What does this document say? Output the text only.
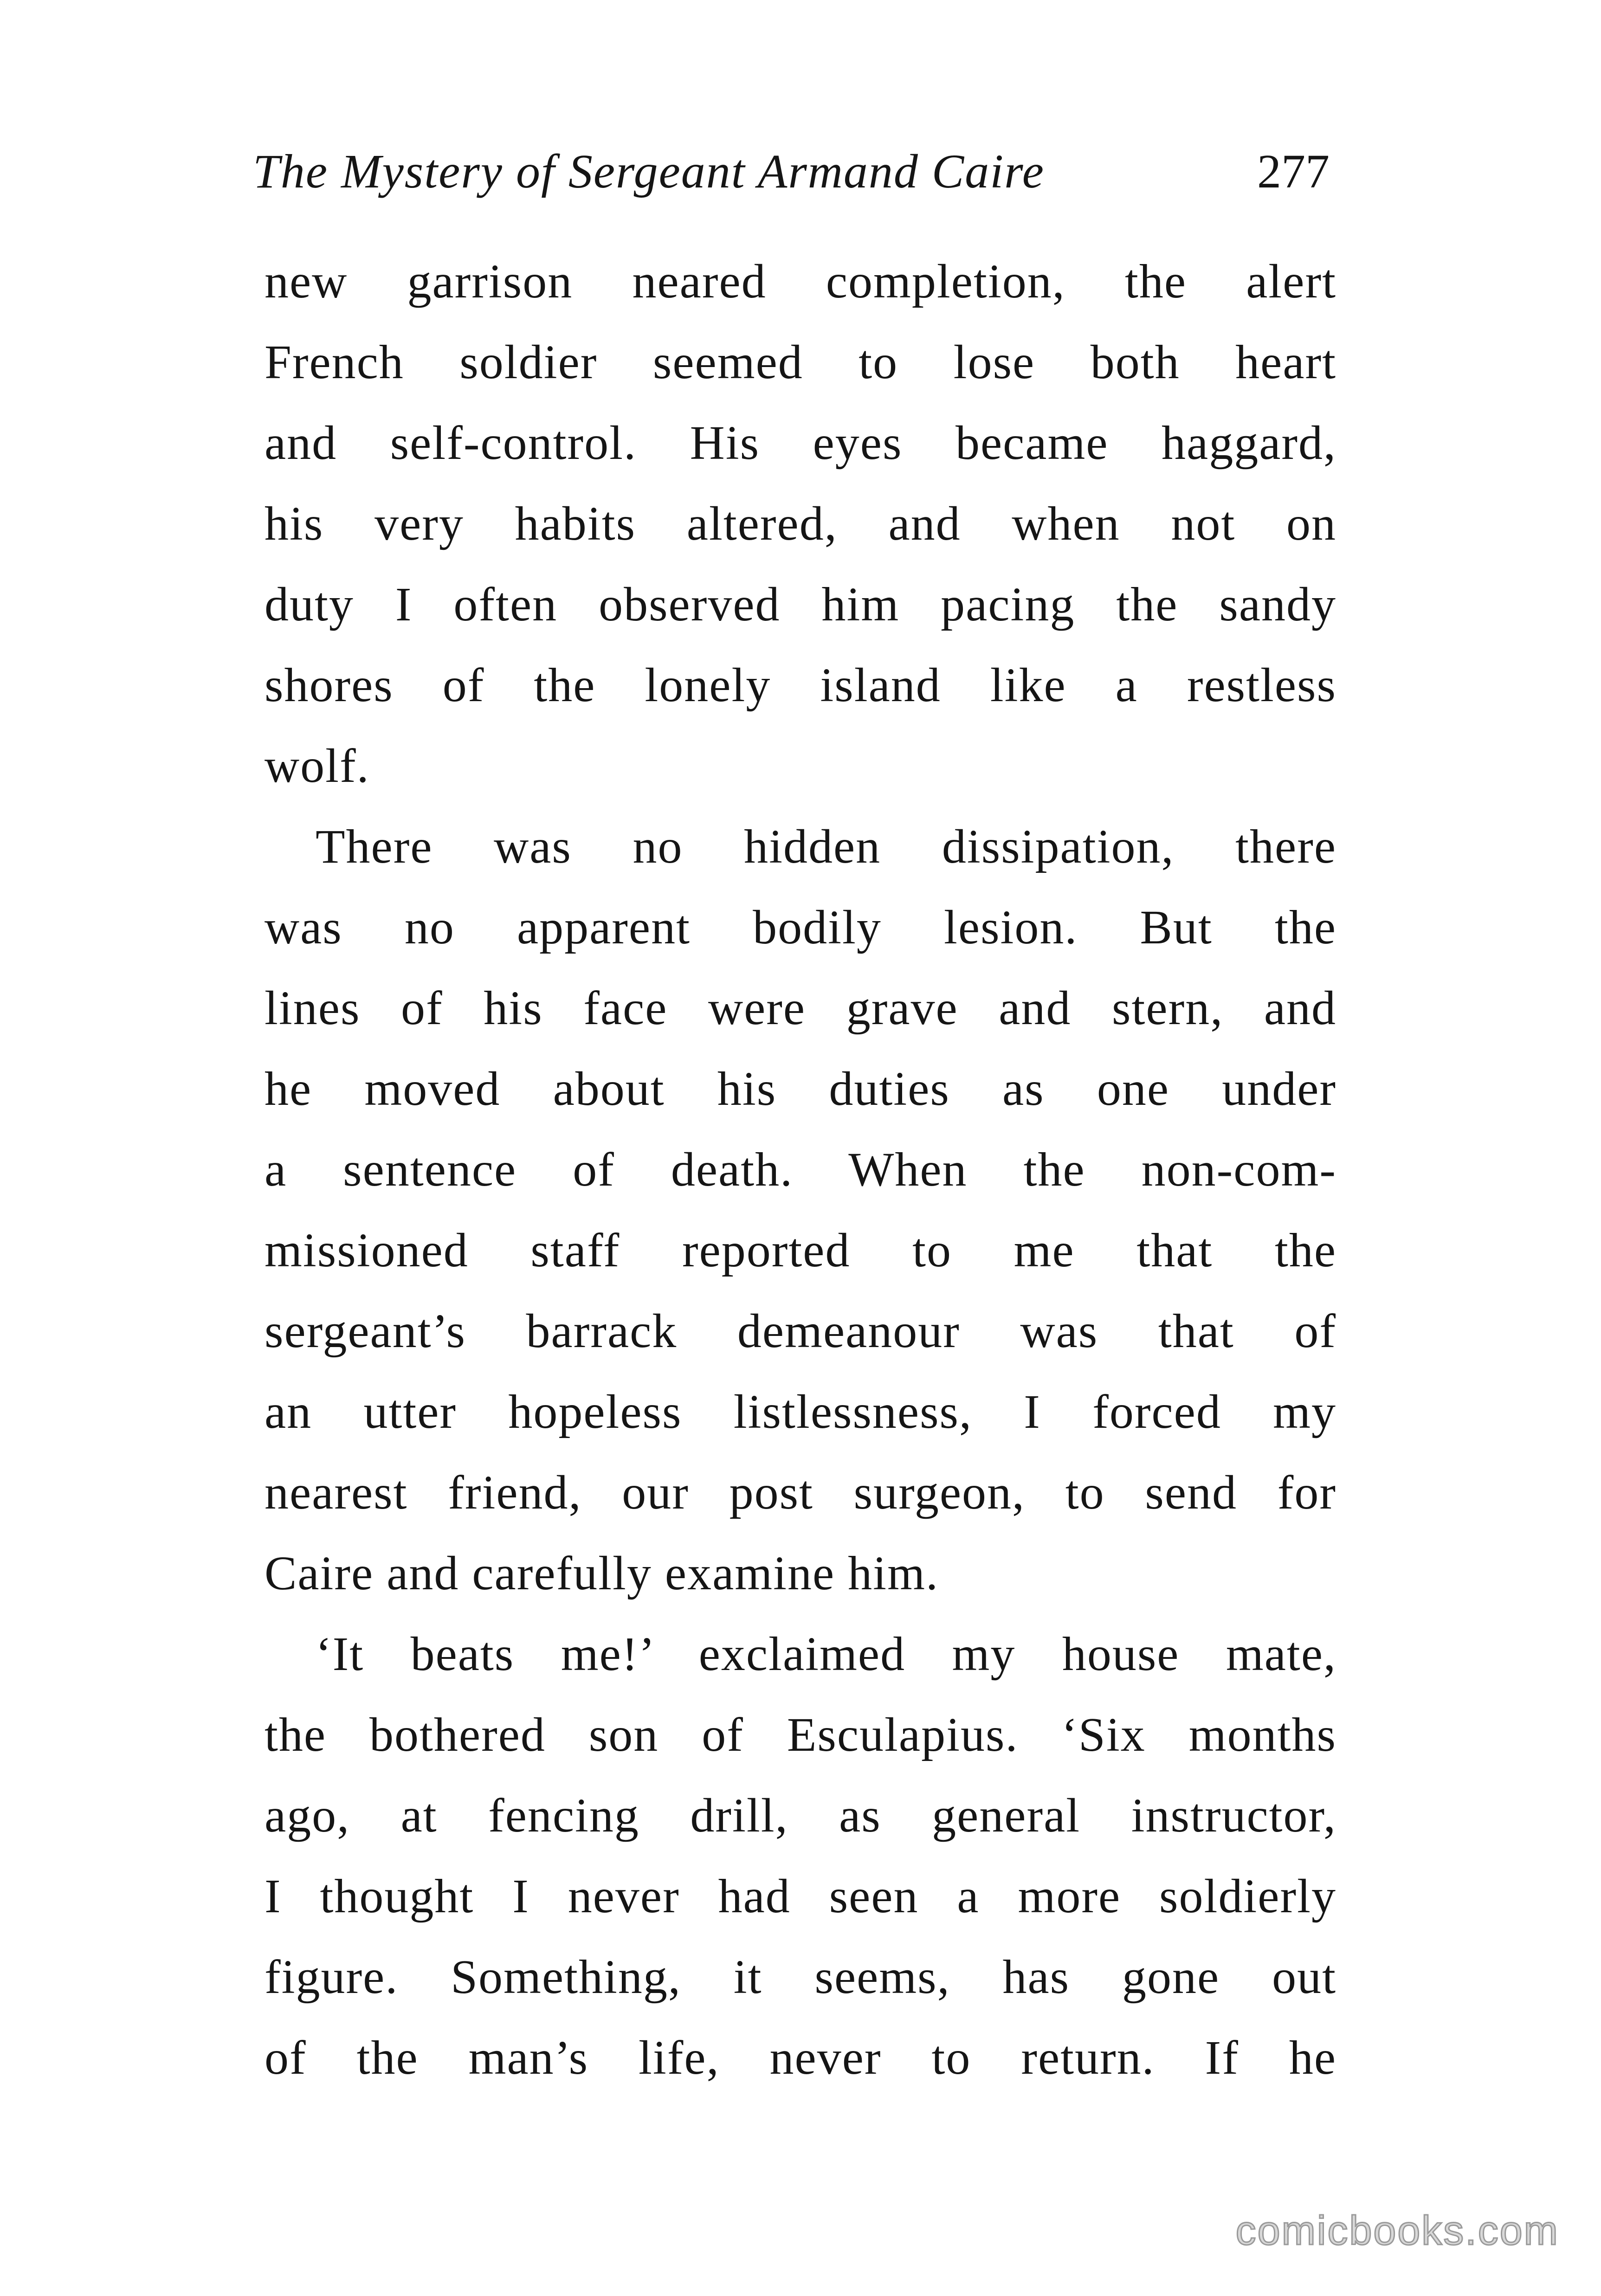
The Mystery of Sergeant Armand Caire	277
new garrison neared completion, the alert
French soldier seemed to lose both heart
and self-control. His eyes became haggard,
his very habits altered, and when not on
duty I often observed him pacing the sandy
shores of the lonely island like a restless
wolf.
There was no hidden dissipation, there
was no apparent bodily lesion. But the
lines of his face were grave and stern, and
he moved about his duties as one under
a sentence of death. When the non-com-
missioned staff reported to me that the
sergeant’s barrack demeanour was that of
an utter hopeless listlessness, I forced my
nearest friend, our post surgeon, to send for
Caire and carefully examine him.
‘It beats me!’ exclaimed my house mate,
the bothered son of Esculapius. ‘Six months
ago, at fencing drill, as general instructor,
I thought I never had seen a more soldierly
figure. Something, it seems, has gone out
of the man’s life, never to return. If he
comicbooks.com
